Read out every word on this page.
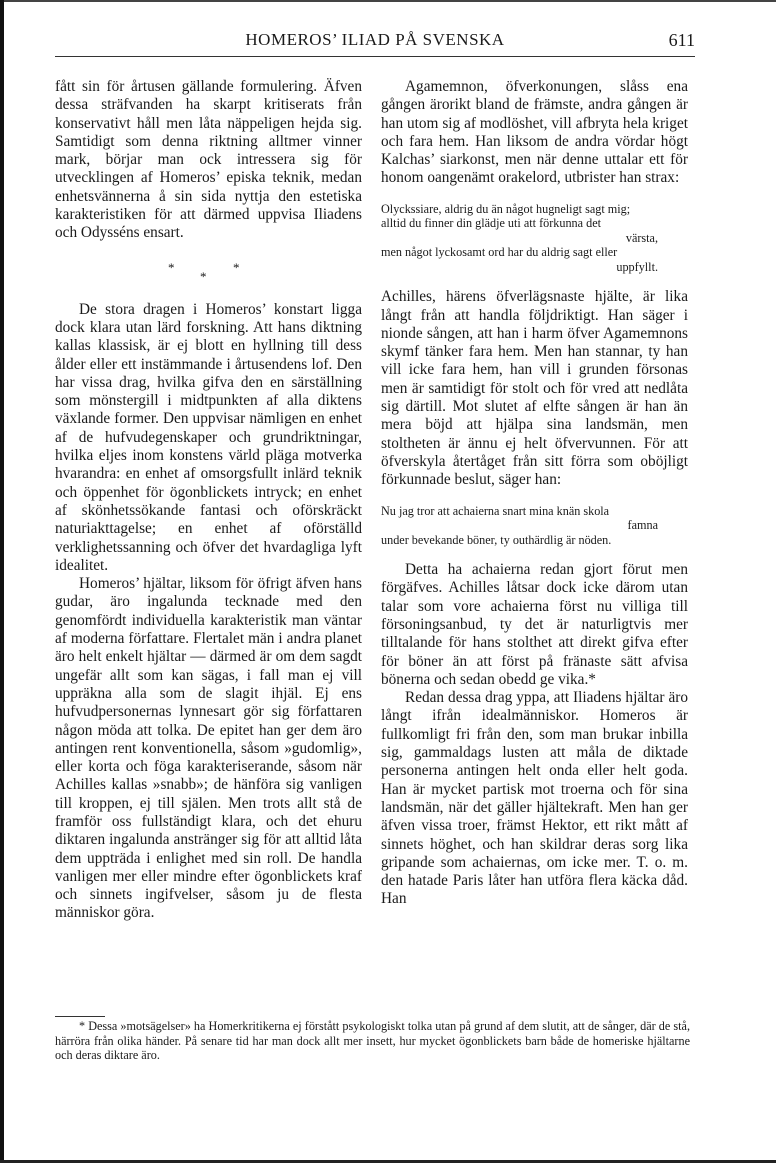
HOMEROS’ ILIAD PÅ SVENSKA	611

fått sin för årtusen gällande formulering. Äfven dessa sträfvanden ha skarpt kritiserats från konservativt håll men låta näppeligen hejda sig. Samtidigt som denna riktning alltmer vinner mark, börjar man ock intressera sig för utvecklingen af Homeros’ episka teknik, medan enhetsvännerna å sin sida nyttja den estetiska karakteristiken för att därmed uppvisa Iliadens och Odysséns ensart.

*
*
*

De stora dragen i Homeros’ konstart ligga dock klara utan lärd forskning. Att hans diktning kallas klassisk, är ej blott en hyllning till dess ålder eller ett instämmande i årtusendens lof. Den har vissa drag, hvilka gifva den en särställning som mönstergill i midtpunkten af alla diktens växlande former. Den uppvisar nämligen en enhet af de hufvudegenskaper och grundriktningar, hvilka eljes inom konstens värld pläga motverka hvarandra: en enhet af omsorgsfullt inlärd teknik och öppenhet för ögonblickets intryck; en enhet af skönhetssökande fantasi och oförskräckt naturiakttagelse; en enhet af oförställd verklighetssanning och öfver det hvardagliga lyft idealitet.

Homeros’ hjältar, liksom för öfrigt äfven hans gudar, äro ingalunda tecknade med den genomfördt individuella karakteristik man väntar af moderna författare. Flertalet män i andra planet äro helt enkelt hjältar — därmed är om dem sagdt ungefär allt som kan sägas, i fall man ej vill uppräkna alla som de slagit ihjäl. Ej ens hufvudpersonernas lynnesart gör sig författaren någon möda att tolka. De epitet han ger dem äro antingen rent konventionella, såsom »gudomlig», eller korta och föga karakteriserande, såsom när Achilles kallas »snabb»; de hänföra sig vanligen till kroppen, ej till själen. Men trots allt stå de framför oss fullständigt klara, och det ehuru diktaren ingalunda anstränger sig för att alltid låta dem uppträda i enlighet med sin roll. De handla vanligen mer eller mindre efter ögonblickets kraf och sinnets ingifvelser, såsom ju de flesta människor göra.

Agamemnon, öfverkonungen, slåss ena gången ärorikt bland de främste, andra gången är han utom sig af modlöshet, vill afbryta hela kriget och fara hem. Han liksom de andra vördar högt Kalchas’ siarkonst, men när denne uttalar ett för honom oangenämt orakelord, utbrister han strax:

Olyckssiare, aldrig du än något hugneligt sagt mig;
alltid du finner din glädje uti att förkunna det
värsta,
men något lyckosamt ord har du aldrig sagt eller
uppfyllt.

Achilles, härens öfverlägsnaste hjälte, är lika långt från att handla följdriktigt. Han säger i nionde sången, att han i harm öfver Agamemnons skymf tänker fara hem. Men han stannar, ty han vill icke fara hem, han vill i grunden försonas men är samtidigt för stolt och för vred att nedlåta sig därtill. Mot slutet af elfte sången är han än mera böjd att hjälpa sina landsmän, men stoltheten är ännu ej helt öfvervunnen. För att öfverskyla återtåget från sitt förra som oböjligt förkunnade beslut, säger han:

Nu jag tror att achaierna snart mina knän skola
famna
under bevekande böner, ty outhärdlig är nöden.

Detta ha achaierna redan gjort förut men förgäfves. Achilles låtsar dock icke därom utan talar som vore achaierna först nu villiga till försoningsanbud, ty det är naturligtvis mer tilltalande för hans stolthet att direkt gifva efter för böner än att först på fränaste sätt afvisa bönerna och sedan obedd ge vika.*

Redan dessa drag yppa, att Iliadens hjältar äro långt ifrån idealmänniskor. Homeros är fullkomligt fri från den, som man brukar inbilla sig, gammaldags lusten att måla de diktade personerna antingen helt onda eller helt goda. Han är mycket partisk mot troerna och för sina landsmän, när det gäller hjältekraft. Men han ger äfven vissa troer, främst Hektor, ett rikt mått af sinnets höghet, och han skildrar deras sorg lika gripande som achaiernas, om icke mer. T. o. m. den hatade Paris låter han utföra flera käcka dåd. Han

* Dessa »motsägelser» ha Homerkritikerna ej förstått psykologiskt tolka utan på grund af dem slutit, att de sånger, där de stå, härröra från olika händer. På senare tid har man dock allt mer insett, hur mycket ögonblickets barn både de homeriske hjältarne och deras diktare äro.
